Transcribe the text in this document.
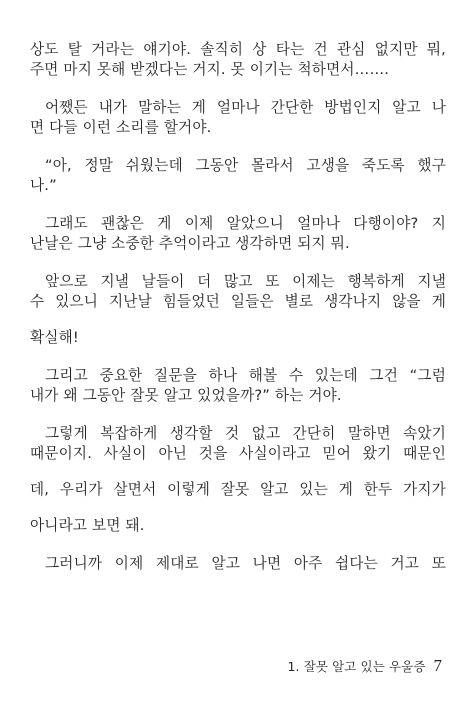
상도 탈 거라는 얘기야. 솔직히 상 타는 건 관심 없지만 뭐,
주면 마지 못해 받겠다는 거지. 못 이기는 척하면서…….
어쨌든 내가 말하는 게 얼마나 간단한 방법인지 알고 나
면 다들 이런 소리를 할거야.
“아, 정말 쉬웠는데 그동안 몰라서 고생을 죽도록 했구
나.”
그래도 괜찮은 게 이제 알았으니 얼마나 다행이야? 지
난날은 그냥 소중한 추억이라고 생각하면 되지 뭐.
앞으로 지낼 날들이 더 많고 또 이제는 행복하게 지낼
수 있으니 지난날 힘들었던 일들은 별로 생각나지 않을 게
확실해!
그리고 중요한 질문을 하나 해볼 수 있는데 그건 “그럼
내가 왜 그동안 잘못 알고 있었을까?” 하는 거야.
그렇게 복잡하게 생각할 것 없고 간단히 말하면 속았기
때문이지. 사실이 아닌 것을 사실이라고 믿어 왔기 때문인
데, 우리가 살면서 이렇게 잘못 알고 있는 게 한두 가지가
아니라고 보면 돼.
그러니까 이제 제대로 알고 나면 아주 쉽다는 거고 또
1. 잘못 알고 있는 우울증 7
